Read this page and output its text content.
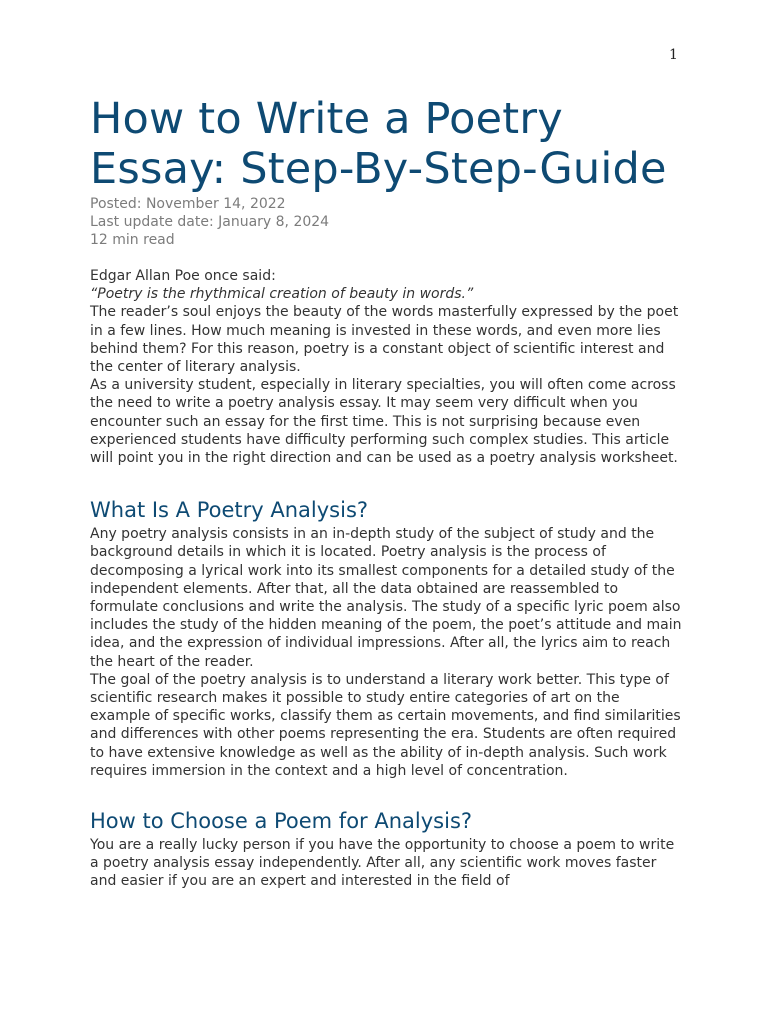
1
How to Write a Poetry Essay: Step-By-Step-Guide
Posted: November 14, 2022
Last update date: January 8, 2024
12 min read

Edgar Allan Poe once said:

“Poetry is the rhythmical creation of beauty in words.”

The reader’s soul enjoys the beauty of the words masterfully expressed by the poet in a few lines. How much meaning is invested in these words, and even more lies behind them? For this reason, poetry is a constant object of scientific interest and the center of literary analysis.

As a university student, especially in literary specialties, you will often come across the need to write a poetry analysis essay. It may seem very difficult when you encounter such an essay for the first time. This is not surprising because even experienced students have difficulty performing such complex studies. This article will point you in the right direction and can be used as a poetry analysis worksheet.

What Is A Poetry Analysis?

Any poetry analysis consists in an in-depth study of the subject of study and the background details in which it is located. Poetry analysis is the process of decomposing a lyrical work into its smallest components for a detailed study of the independent elements. After that, all the data obtained are reassembled to formulate conclusions and write the analysis. The study of a specific lyric poem also includes the study of the hidden meaning of the poem, the poet’s attitude and main idea, and the expression of individual impressions. After all, the lyrics aim to reach the heart of the reader.

The goal of the poetry analysis is to understand a literary work better. This type of scientific research makes it possible to study entire categories of art on the example of specific works, classify them as certain movements, and find similarities and differences with other poems representing the era. Students are often required to have extensive knowledge as well as the ability of in-depth analysis. Such work requires immersion in the context and a high level of concentration.

How to Choose a Poem for Analysis?

You are a really lucky person if you have the opportunity to choose a poem to write a poetry analysis essay independently. After all, any scientific work moves faster and easier if you are an expert and interested in the field of
